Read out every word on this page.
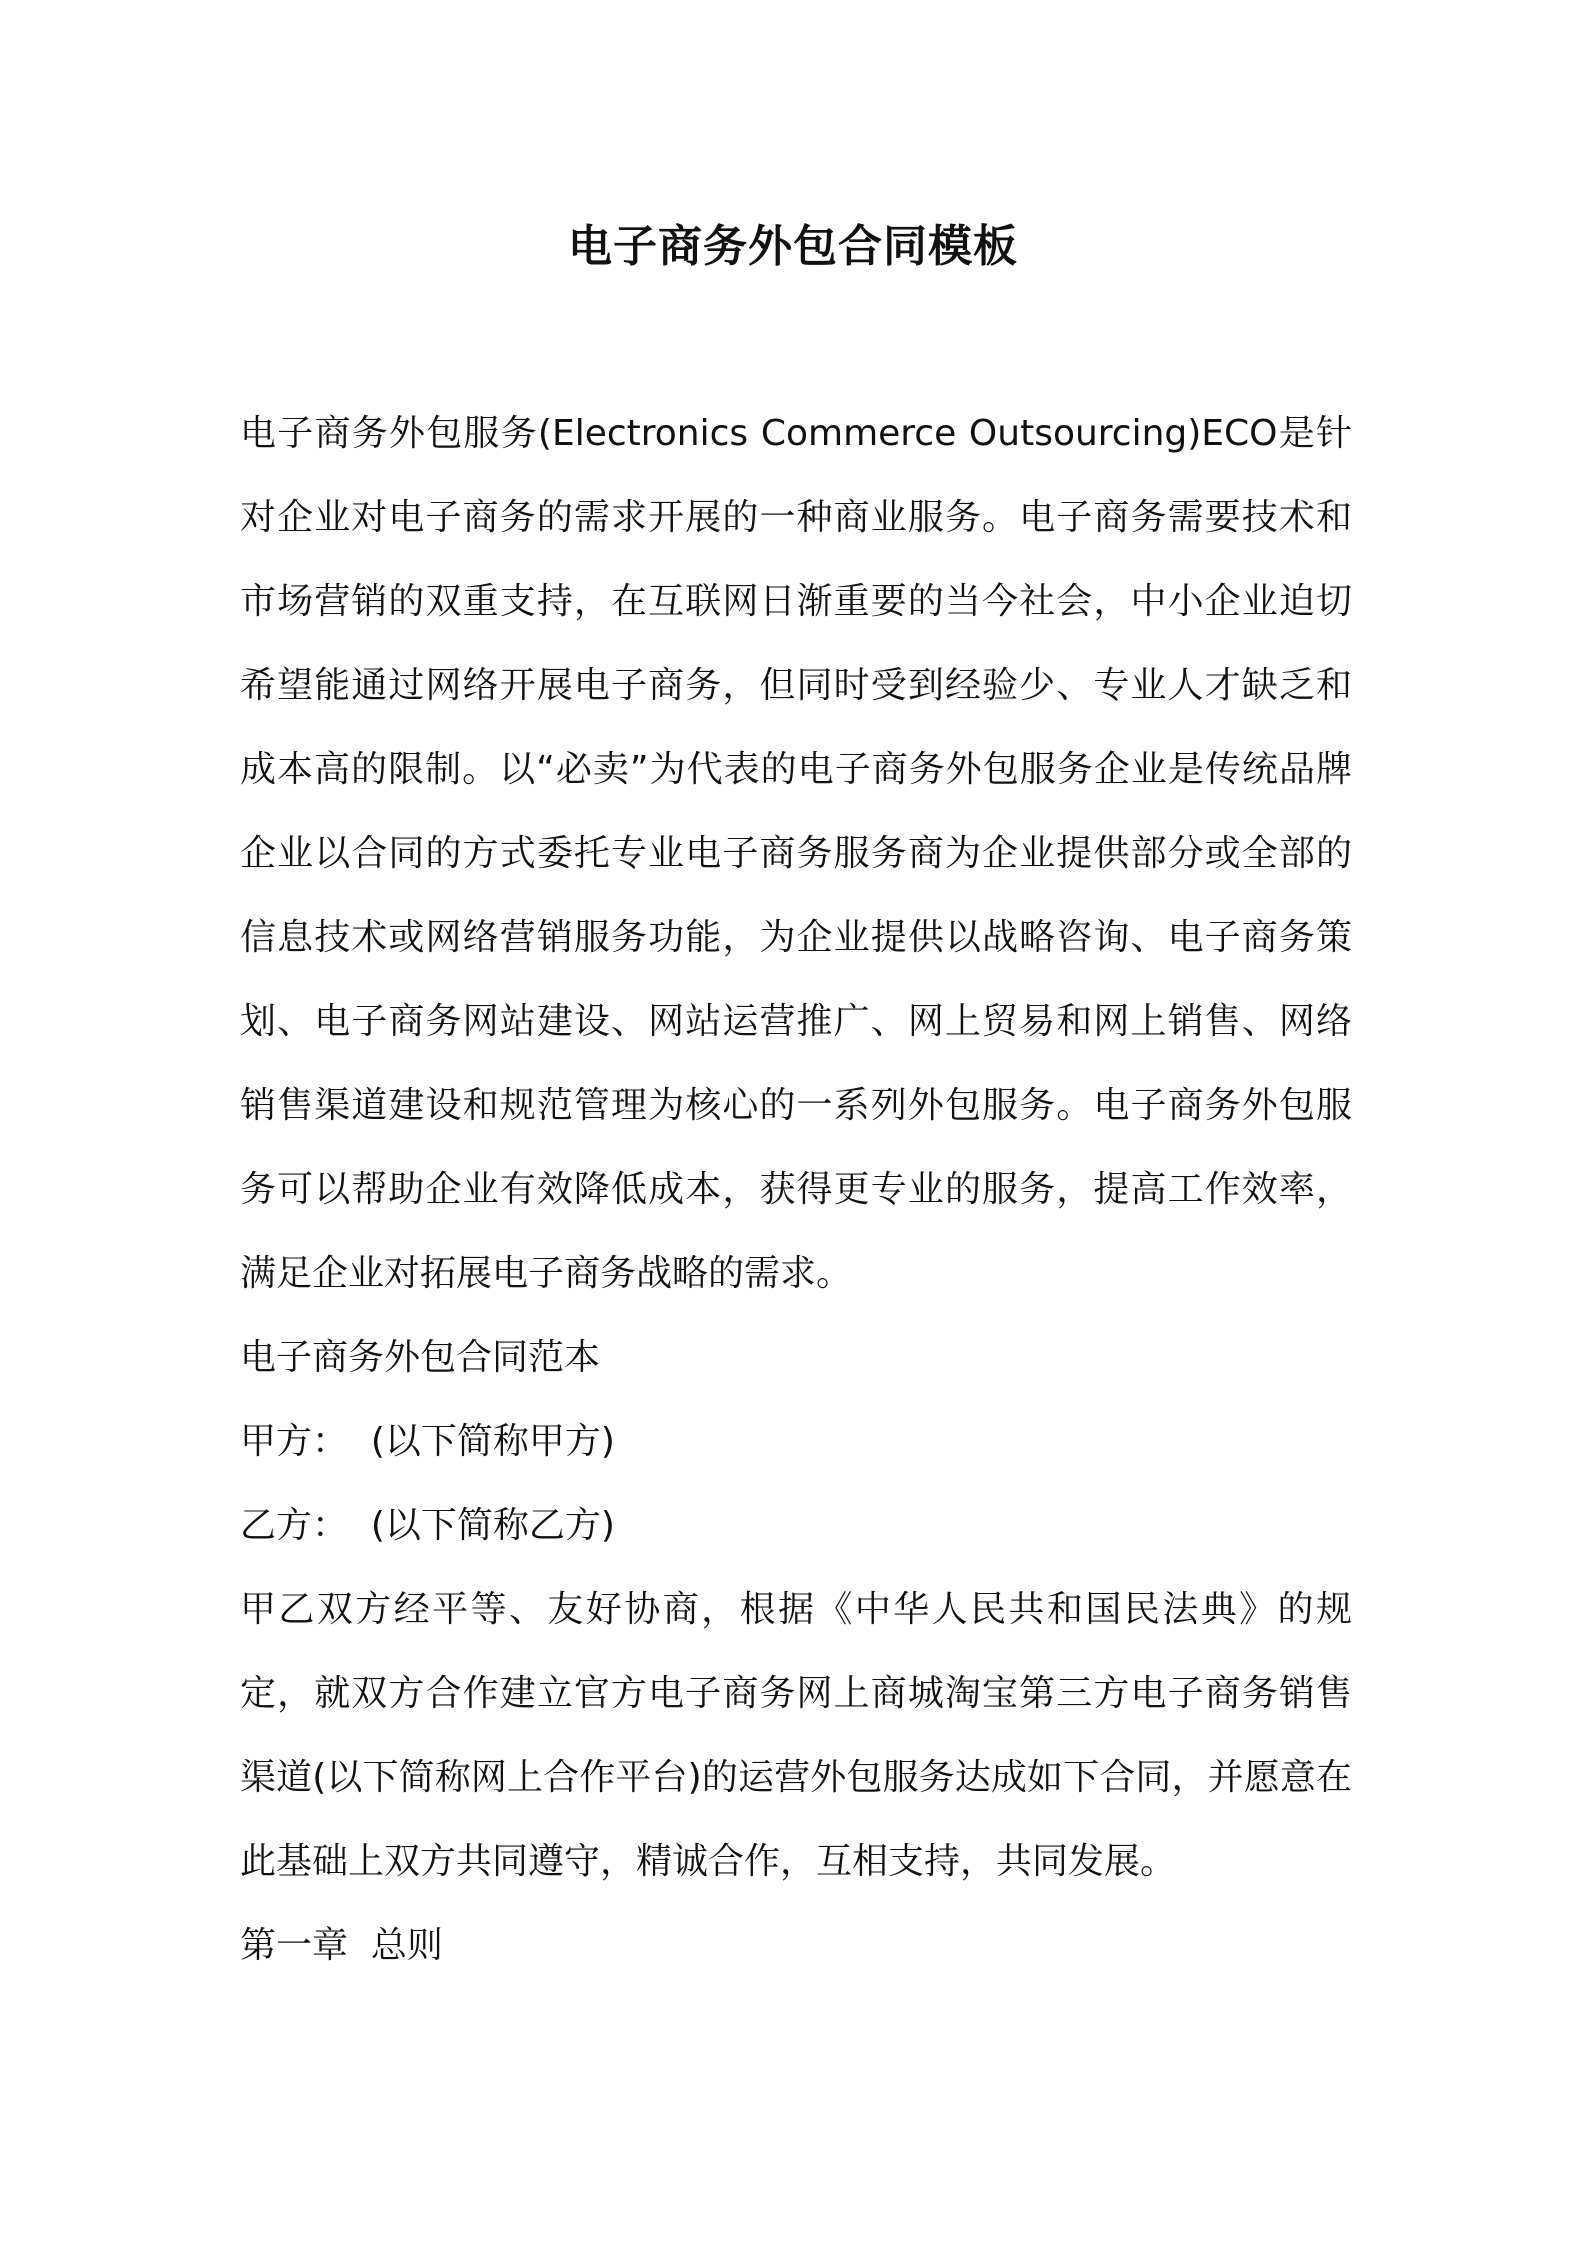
电子商务外包合同模板

电子商务外包服务(Electronics Commerce Outsourcing)ECO是针对企业对电子商务的需求开展的一种商业服务。电子商务需要技术和市场营销的双重支持，在互联网日渐重要的当今社会，中小企业迫切希望能通过网络开展电子商务，但同时受到经验少、专业人才缺乏和成本高的限制。以“必卖”为代表的电子商务外包服务企业是传统品牌企业以合同的方式委托专业电子商务服务商为企业提供部分或全部的信息技术或网络营销服务功能，为企业提供以战略咨询、电子商务策划、电子商务网站建设、网站运营推广、网上贸易和网上销售、网络销售渠道建设和规范管理为核心的一系列外包服务。电子商务外包服务可以帮助企业有效降低成本，获得更专业的服务，提高工作效率，满足企业对拓展电子商务战略的需求。

电子商务外包合同范本

甲方：  (以下简称甲方)

乙方：  (以下简称乙方)

甲乙双方经平等、友好协商，根据《中华人民共和国民法典》的规定，就双方合作建立官方电子商务网上商城淘宝第三方电子商务销售渠道(以下简称网上合作平台)的运营外包服务达成如下合同，并愿意在此基础上双方共同遵守，精诚合作，互相支持，共同发展。

第一章  总则
